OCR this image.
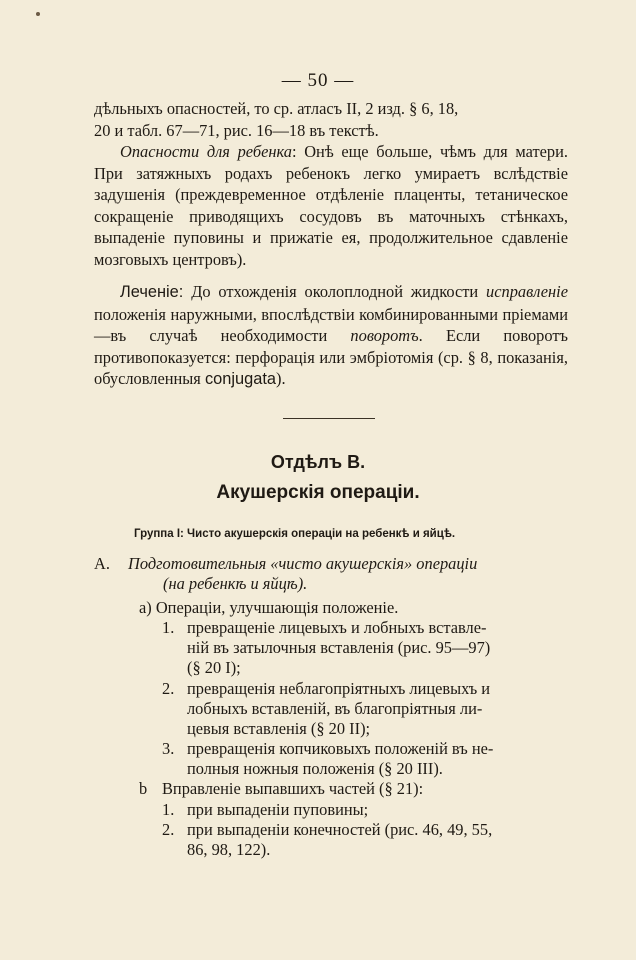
— 50 —
дѣльныхъ опасностей, то ср. атласъ II, 2 изд. § 6, 18,
20 и табл. 67—71, рис. 16—18 въ текстѣ.

Опасности для ребенка: Онѣ еще больше, чѣмъ для матери. При затяжныхъ родахъ ребенокъ легко умираетъ вслѣдствіе задушенія (преждевременное отдѣленіе плаценты, тетаническое сокращеніе приводящихъ сосудовъ въ маточныхъ стѣнкахъ, выпаденіе пуповины и прижатіе ея, продолжительное сдавленіе мозговыхъ центровъ).

Леченіе: До отхожденія околоплодной жидкости исправленіе положенія наружными, впослѣдствіи комбинированными пріемами—въ случаѣ необходимости поворотъ. Если поворотъ противопоказуется: перфорація или эмбріотомія (ср. § 8, показанія, обусловленныя conjugata).

Отдѣлъ В.
Акушерскія операціи.
Группа I: Чисто акушерскія операціи на ребенкѣ и яйцѣ.
A. Подготовительныя «чисто акушерскія» операціи
(на ребенкѣ и яйцѣ).
a) Операціи, улучшающія положеніе.
1. превращеніе лицевыхъ и лобныхъ вставле-
ній въ затылочныя вставленія (рис. 95—97)
(§ 20 I);
2. превращенія неблагопріятныхъ лицевыхъ и
лобныхъ вставленій, въ благопріятныя ли-
цевыя вставленія (§ 20 II);
3. превращенія копчиковыхъ положеній въ не-
полныя ножныя положенія (§ 20 III).
b Вправленіе выпавшихъ частей (§ 21):
1. при выпаденіи пуповины;
2. при выпаденіи конечностей (рис. 46, 49, 55,
86, 98, 122).
